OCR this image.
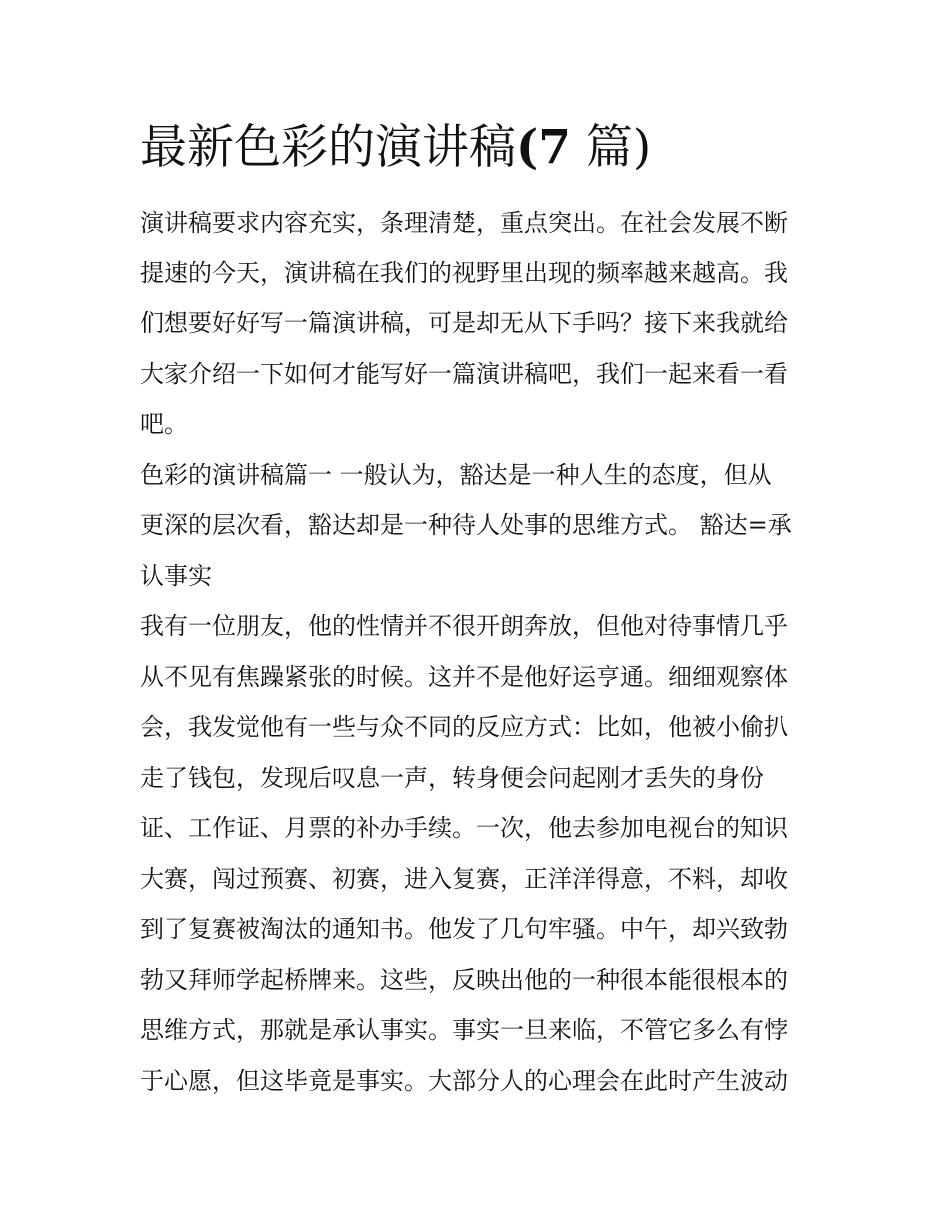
最新色彩的演讲稿(7 篇)

演讲稿要求内容充实，条理清楚，重点突出。在社会发展不断

提速的今天，演讲稿在我们的视野里出现的频率越来越高。我

们想要好好写一篇演讲稿，可是却无从下手吗？接下来我就给

大家介绍一下如何才能写好一篇演讲稿吧，我们一起来看一看

吧。

色彩的演讲稿篇一 一般认为，豁达是一种人生的态度，但从

更深的层次看，豁达却是一种待人处事的思维方式。 豁达=承

认事实

我有一位朋友，他的性情并不很开朗奔放，但他对待事情几乎

从不见有焦躁紧张的时候。这并不是他好运亨通。细细观察体

会，我发觉他有一些与众不同的反应方式：比如，他被小偷扒

走了钱包，发现后叹息一声，转身便会问起刚才丢失的身份

证、工作证、月票的补办手续。一次，他去参加电视台的知识

大赛，闯过预赛、初赛，进入复赛，正洋洋得意，不料，却收

到了复赛被淘汰的通知书。他发了几句牢骚。中午，却兴致勃

勃又拜师学起桥牌来。这些，反映出他的一种很本能很根本的

思维方式，那就是承认事实。事实一旦来临，不管它多么有悖

于心愿，但这毕竟是事实。大部分人的心理会在此时产生波动
